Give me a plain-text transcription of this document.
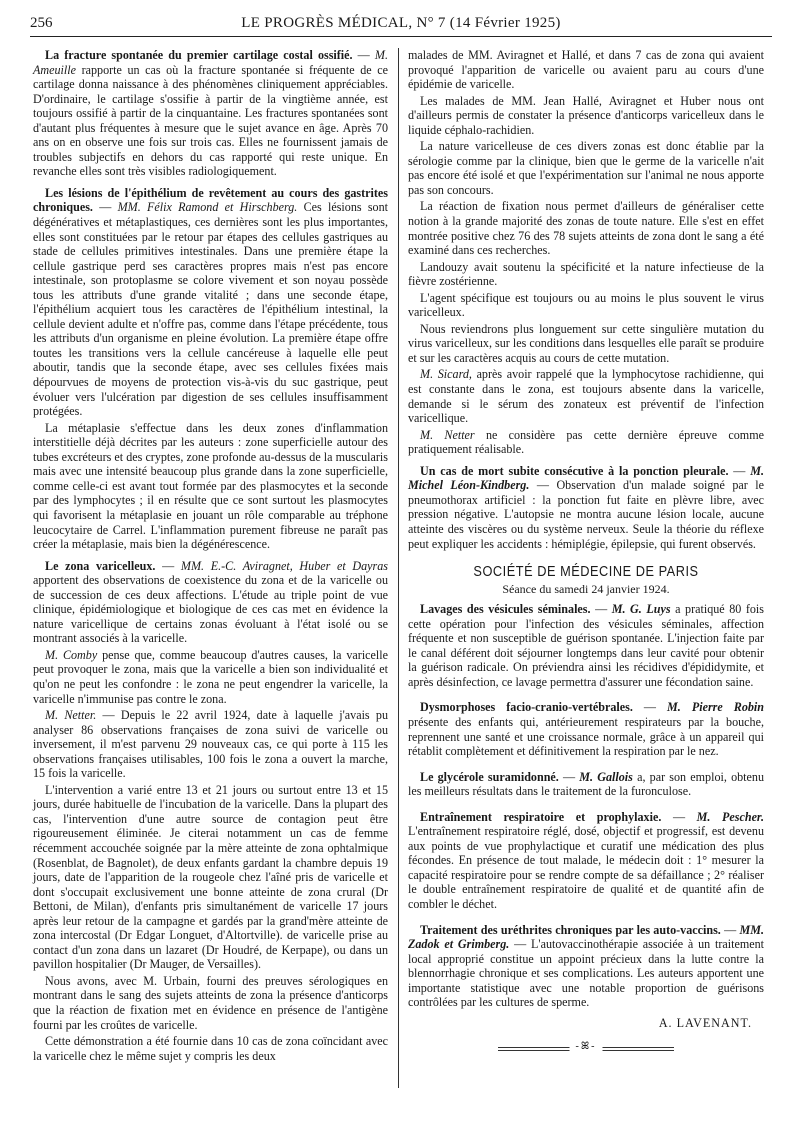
256	LE PROGRÈS MÉDICAL, N° 7 (14 Février 1925)

La fracture spontanée du premier cartilage costal ossifié. — M. Ameuille rapporte un cas où la fracture spontanée si fréquente de ce cartilage donna naissance à des phénomènes cliniquement appréciables. D'ordinaire, le cartilage s'ossifie à partir de la vingtième année, est toujours ossifié à partir de la cinquantaine. Les fractures spontanées sont d'autant plus fréquentes à mesure que le sujet avance en âge. Après 70 ans on en observe une fois sur trois cas. Elles ne fournissent jamais de troubles subjectifs en dehors du cas rapporté qui reste unique. En revanche elles sont très visibles radiologiquement.

Les lésions de l'épithélium de revêtement au cours des gastrites chroniques. — MM. Félix Ramond et Hirschberg. Ces lésions sont dégénératives et métaplastiques, ces dernières sont les plus importantes, elles sont constituées par le retour par étapes des cellules gastriques au stade de cellules primitives intestinales. Dans une première étape la cellule gastrique perd ses caractères propres mais n'est pas encore intestinale, son protoplasme se colore vivement et son noyau possède tous les attributs d'une grande vitalité ; dans une seconde étape, l'épithélium acquiert tous les caractères de l'épithélium intestinal, la cellule devient adulte et n'offre pas, comme dans l'étape précédente, tous les attributs d'un organisme en pleine évolution. La première étape offre toutes les transitions vers la cellule cancéreuse à laquelle elle peut aboutir, tandis que la seconde étape, avec ses cellules fixées mais dépourvues de moyens de protection vis-à-vis du suc gastrique, peut évoluer vers l'ulcération par digestion de ses cellules insuffisamment protégées.

La métaplasie s'effectue dans les deux zones d'inflammation interstitielle déjà décrites par les auteurs : zone superficielle autour des tubes excréteurs et des cryptes, zone profonde au-dessus de la muscularis mais avec une intensité beaucoup plus grande dans la zone superficielle, comme celle-ci est avant tout formée par des plasmocytes et la seconde par des lymphocytes ; il en résulte que ce sont surtout les plasmocytes qui favorisent la métaplasie en jouant un rôle comparable au tréphone leucocytaire de Carrel. L'inflammation purement fibreuse ne paraît pas créer la métaplasie, mais bien la dégénérescence.

Le zona varicelleux. — MM. E.-C. Aviragnet, Huber et Dayras apportent des observations de coexistence du zona et de la varicelle ou de succession de ces deux affections. L'étude au triple point de vue clinique, épidémiologique et biologique de ces cas met en évidence la nature varicellique de certains zonas évoluant à l'état isolé ou se montrant associés à la varicelle.

M. Comby pense que, comme beaucoup d'autres causes, la varicelle peut provoquer le zona, mais que la varicelle a bien son individualité et qu'on ne peut les confondre : le zona ne peut engendrer la varicelle, la varicelle n'immunise pas contre le zona.

M. Netter. — Depuis le 22 avril 1924, date à laquelle j'avais pu analyser 86 observations françaises de zona suivi de varicelle ou inversement, il m'est parvenu 29 nouveaux cas, ce qui porte à 115 les observations françaises utilisables, 100 fois le zona a ouvert la marche, 15 fois la varicelle.

L'intervention a varié entre 13 et 21 jours ou surtout entre 13 et 15 jours, durée habituelle de l'incubation de la varicelle. Dans la plupart des cas, l'intervention d'une autre source de contagion peut être rigoureusement éliminée. Je citerai notamment un cas de femme récemment accouchée soignée par la mère atteinte de zona ophtalmique (Rosenblat, de Bagnolet), de deux enfants gardant la chambre depuis 19 jours, date de l'apparition de la rougeole chez l'aîné pris de varicelle et dont s'occupait exclusivement une bonne atteinte de zona crural (Dr Bettoni, de Milan), d'enfants pris simultanément de varicelle 17 jours après leur retour de la campagne et gardés par la grand'mère atteinte de zona intercostal (Dr Edgar Longuet, d'Altortville). de varicelle prise au contact d'un zona dans un lazaret (Dr Houdré, de Kerpape), ou dans un pavillon hospitalier (Dr Mauger, de Versailles).

Nous avons, avec M. Urbain, fourni des preuves sérologiques en montrant dans le sang des sujets atteints de zona la présence d'anticorps que la réaction de fixation met en évidence en présence de l'antigène fourni par les croûtes de varicelle.

Cette démonstration a été fournie dans 10 cas de zona coïncidant avec la varicelle chez le même sujet y compris les deux

malades de MM. Aviragnet et Hallé, et dans 7 cas de zona qui avaient provoqué l'apparition de varicelle ou avaient paru au cours d'une épidémie de varicelle.

Les malades de MM. Jean Hallé, Aviragnet et Huber nous ont d'ailleurs permis de constater la présence d'anticorps varicelleux dans le liquide céphalo-rachidien.

La nature varicelleuse de ces divers zonas est donc établie par la sérologie comme par la clinique, bien que le germe de la varicelle n'ait pas encore été isolé et que l'expérimentation sur l'animal ne nous apporte pas son concours.

La réaction de fixation nous permet d'ailleurs de généraliser cette notion à la grande majorité des zonas de toute nature. Elle s'est en effet montrée positive chez 76 des 78 sujets atteints de zona dont le sang a été examiné dans ces recherches.

Landouzy avait soutenu la spécificité et la nature infectieuse de la fièvre zostérienne.

L'agent spécifique est toujours ou au moins le plus souvent le virus varicelleux.

Nous reviendrons plus longuement sur cette singulière mutation du virus varicelleux, sur les conditions dans lesquelles elle paraît se produire et sur les caractères acquis au cours de cette mutation.

M. Sicard, après avoir rappelé que la lymphocytose rachidienne, qui est constante dans le zona, est toujours absente dans la varicelle, demande si le sérum des zonateux est préventif de l'infection varicellique.

M. Netter ne considère pas cette dernière épreuve comme pratiquement réalisable.

Un cas de mort subite consécutive à la ponction pleurale. — M. Michel Léon-Kindberg. — Observation d'un malade soigné par le pneumothorax artificiel : la ponction fut faite en plèvre libre, avec pression négative. L'autopsie ne montra aucune lésion locale, aucune atteinte des viscères ou du système nerveux. Seule la théorie du réflexe peut expliquer les accidents : hémiplégie, épilepsie, qui furent observés.

SOCIÉTÉ DE MÉDECINE DE PARIS
Séance du samedi 24 janvier 1924.

Lavages des vésicules séminales. — M. G. Luys a pratiqué 80 fois cette opération pour l'infection des vésicules séminales, affection fréquente et non susceptible de guérison spontanée. L'injection faite par le canal déférent doit séjourner longtemps dans leur cavité pour obtenir la guérison radicale. On préviendra ainsi les récidives d'épididymite, et après désinfection, ce lavage permettra d'assurer une fécondation saine.

Dysmorphoses facio-cranio-vertébrales. — M. Pierre Robin présente des enfants qui, antérieurement respirateurs par la bouche, reprennent une santé et une croissance normale, grâce à un appareil qui rétablit complètement et définitivement la respiration par le nez.

Le glycérole suramidonné. — M. Gallois a, par son emploi, obtenu les meilleurs résultats dans le traitement de la furonculose.

Entraînement respiratoire et prophylaxie. — M. Pescher. L'entraînement respiratoire réglé, dosé, objectif et progressif, est devenu aux points de vue prophylactique et curatif une médication des plus fécondes. En présence de tout malade, le médecin doit : 1° mesurer la capacité respiratoire pour se rendre compte de sa défaillance ; 2° réaliser le double entraînement respiratoire de qualité et de quantité afin de combler le déchet.

Traitement des uréthrites chroniques par les auto-vaccins. — MM. Zadok et Grimberg. — L'autovaccinothérapie associée à un traitement local approprié constitue un appoint précieux dans la lutte contre la blennorrhagie chronique et ses complications. Les auteurs apportent une importante statistique avec une notable proportion de guérisons contrôlées par les cultures de sperme.

A. LAVENANT.
-ꕤ-
